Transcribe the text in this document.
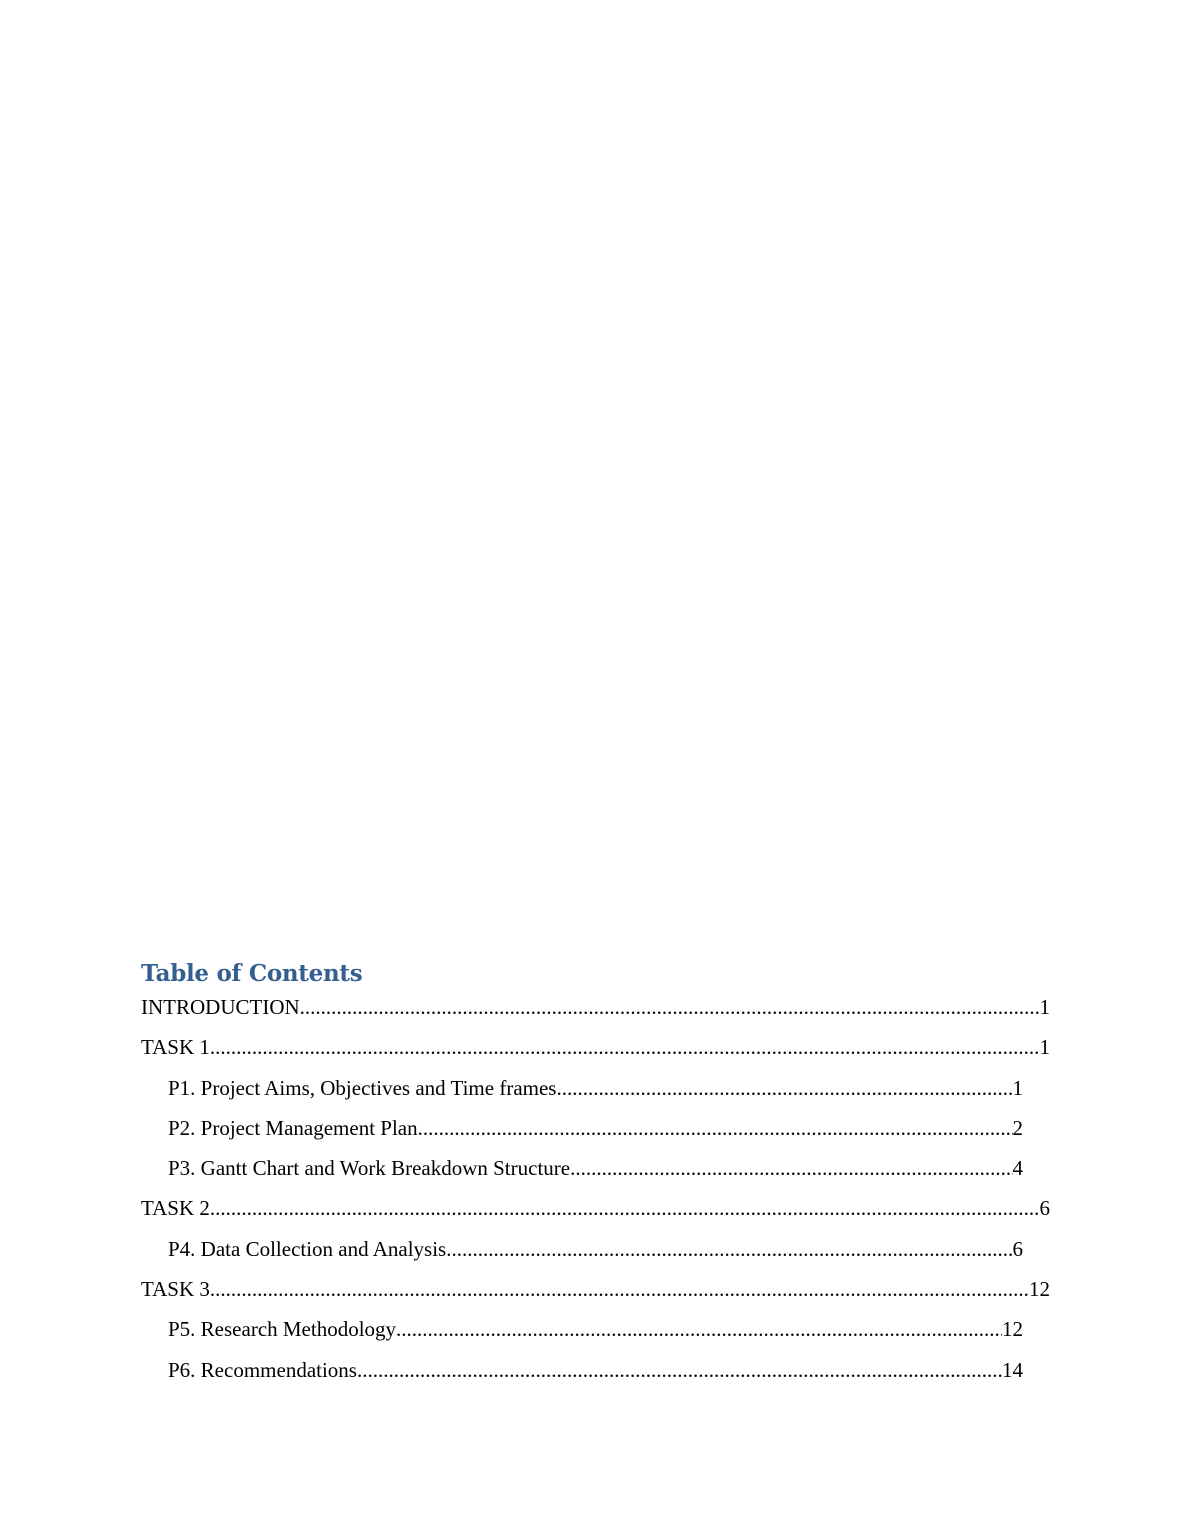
Table of Contents
INTRODUCTION .....	1
TASK 1 .....	1
P1. Project Aims, Objectives and Time frames .....	1
P2. Project Management Plan .....	2
P3. Gantt Chart and Work Breakdown Structure .....	4
TASK 2 .....	6
P4. Data Collection and Analysis .....	6
TASK 3 .....	12
P5. Research Methodology .....	12
P6. Recommendations .....	14
